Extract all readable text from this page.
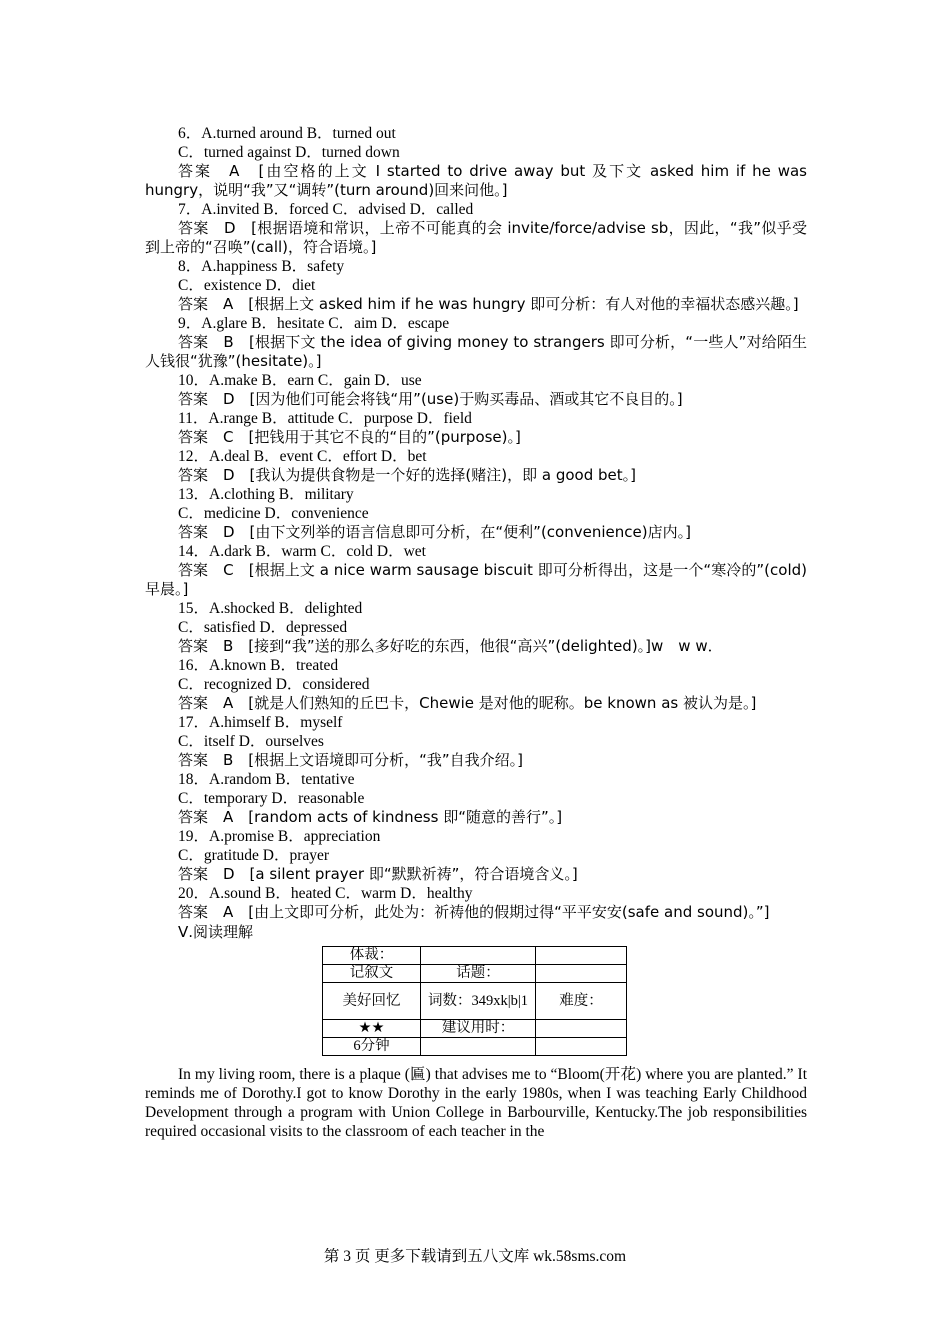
6．A.turned around B．turned out
C．turned against D．turned down
答案　A　[由空格的上文 I started to drive away but 及下文 asked him if he was hungry，说明“我”又“调转”(turn around)回来问他。]
7．A.invited B．forced C．advised D．called
答案　D　[根据语境和常识，上帝不可能真的会 invite/force/advise sb，因此，“我”似乎受到上帝的“召唤”(call)，符合语境。]
8．A.happiness B．safety
C．existence D．diet
答案　A　[根据上文 asked him if he was hungry 即可分析：有人对他的幸福状态感兴趣。]
9．A.glare B．hesitate C．aim D．escape
答案　B　[根据下文 the idea of giving money to strangers 即可分析，“一些人”对给陌生人钱很“犹豫”(hesitate)。]
10．A.make B．earn C．gain D．use
答案　D　[因为他们可能会将钱“用”(use)于购买毒品、酒或其它不良目的。]
11．A.range B．attitude C．purpose D．field
答案　C　[把钱用于其它不良的“目的”(purpose)。]
12．A.deal B．event C．effort D．bet
答案　D　[我认为提供食物是一个好的选择(赌注)，即 a good bet。]
13．A.clothing B．military
C．medicine D．convenience
答案　D　[由下文列举的语言信息即可分析，在“便利”(convenience)店内。]
14．A.dark B．warm C．cold D．wet
答案　C　[根据上文 a nice warm sausage biscuit 即可分析得出，这是一个“寒冷的”(cold)早晨。]
15．A.shocked B．delighted
C．satisfied D．depressed
答案　B　[接到“我”送的那么多好吃的东西，他很“高兴”(delighted)。]w　w w．
16．A.known B．treated
C．recognized D．considered
答案　A　[就是人们熟知的丘巴卡，Chewie 是对他的昵称。be known as 被认为是。]
17．A.himself B．myself
C．itself D．ourselves
答案　B　[根据上文语境即可分析，“我”自我介绍。]
18．A.random B．tentative
C．temporary D．reasonable
答案　A　[random acts of kindness 即“随意的善行”。]
19．A.promise B．appreciation
C．gratitude D．prayer
答案　D　[a silent prayer 即“默默祈祷”，符合语境含义。]
20．A.sound B．heated C．warm D．healthy
答案　A　[由上文即可分析，此处为：祈祷他的假期过得“平平安安(safe and sound)。”]
Ⅴ.阅读理解
体裁：		
记叙文	话题：	
美好回忆	词数：349xk|b|1	难度：
★★	建议用时：	
6分钟		

In my living room, there is a plaque (匾) that advises me to “Bloom(开花) where you are planted.” It reminds me of Dorothy.I got to know Dorothy in the early 1980s, when I was teaching Early Childhood Development through a program with Union College in Barbourville, Kentucky.The job responsibilities required occasional visits to the classroom of each teacher in the

第 3 页 更多下载请到五八文库 wk.58sms.com
